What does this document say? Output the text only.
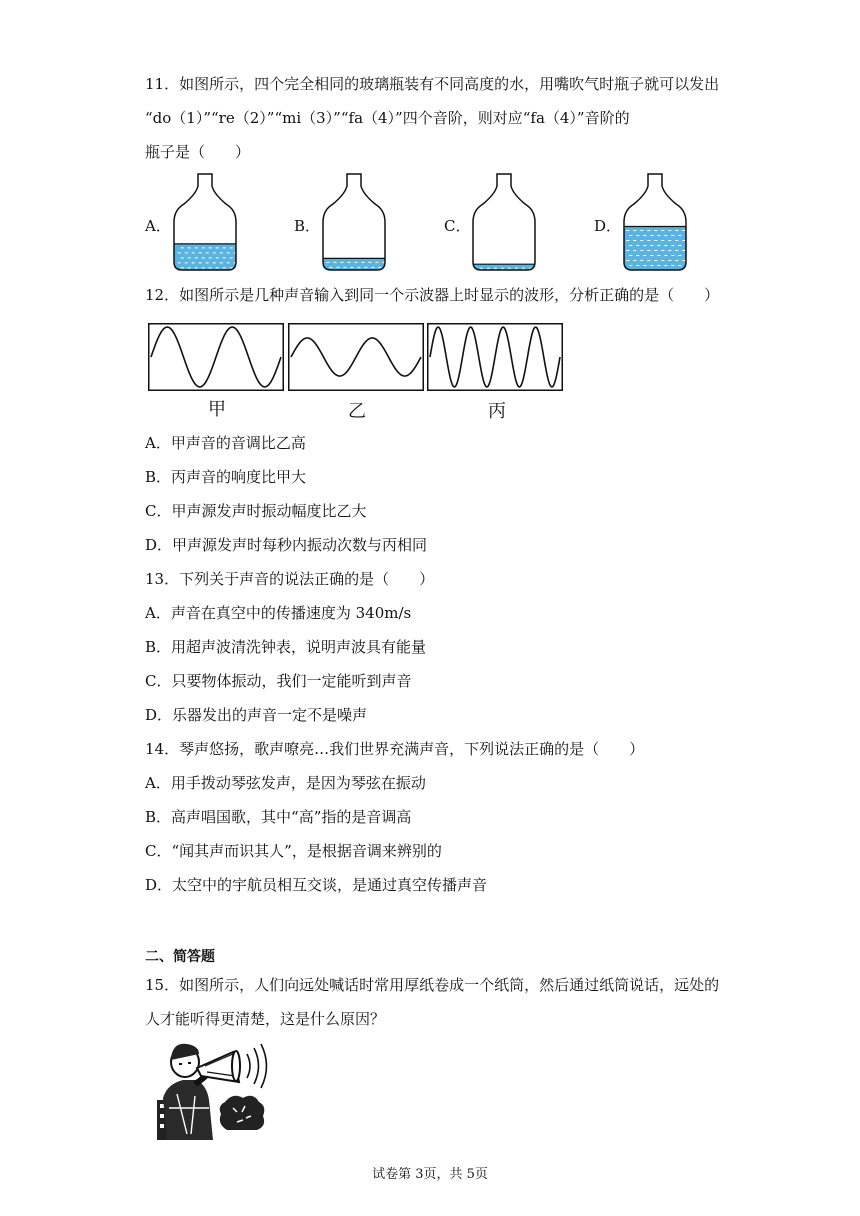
11．如图所示，四个完全相同的玻璃瓶装有不同高度的水，用嘴吹气时瓶子就可以发出
“do（1）”“re（2）”“mi（3）”“fa（4）”四个音阶，则对应“fa（4）”音阶的
瓶子是（　　）
A．	B．	C．	D．
12．如图所示是几种声音输入到同一个示波器上时显示的波形，分析正确的是（　　）
甲	乙	丙
A．甲声音的音调比乙高
B．丙声音的响度比甲大
C．甲声源发声时振动幅度比乙大
D．甲声源发声时每秒内振动次数与丙相同
13．下列关于声音的说法正确的是（　　）
A．声音在真空中的传播速度为 340m/s
B．用超声波清洗钟表，说明声波具有能量
C．只要物体振动，我们一定能听到声音
D．乐器发出的声音一定不是噪声
14．琴声悠扬，歌声嘹亮…我们世界充满声音，下列说法正确的是（　　）
A．用手拨动琴弦发声，是因为琴弦在振动
B．高声唱国歌，其中“高”指的是音调高
C．“闻其声而识其人”，是根据音调来辨别的
D．太空中的宇航员相互交谈，是通过真空传播声音
二、简答题
15．如图所示，人们向远处喊话时常用厚纸卷成一个纸筒，然后通过纸筒说话，远处的
人才能听得更清楚，这是什么原因？
试卷第 3页，共 5页
